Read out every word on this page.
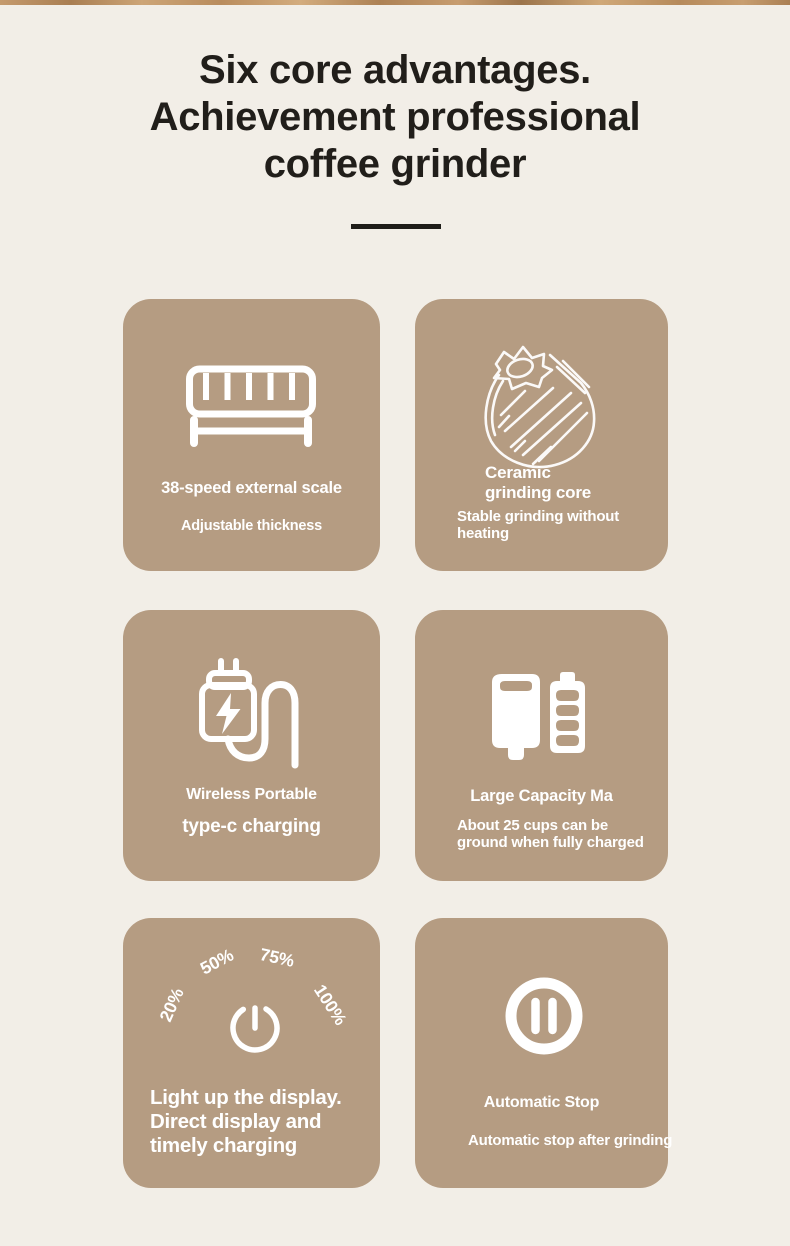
Six core advantages.
Achievement professional
coffee grinder
38-speed external scale
Adjustable thickness
Ceramic
grinding core
Stable grinding without
heating
Wireless Portable
type-c charging
Large Capacity Ma
About 25 cups can be
ground when fully charged
20%
50% 75%
100%
Light up the display.
Direct display and
timely charging
Automatic Stop
Automatic stop after grinding
